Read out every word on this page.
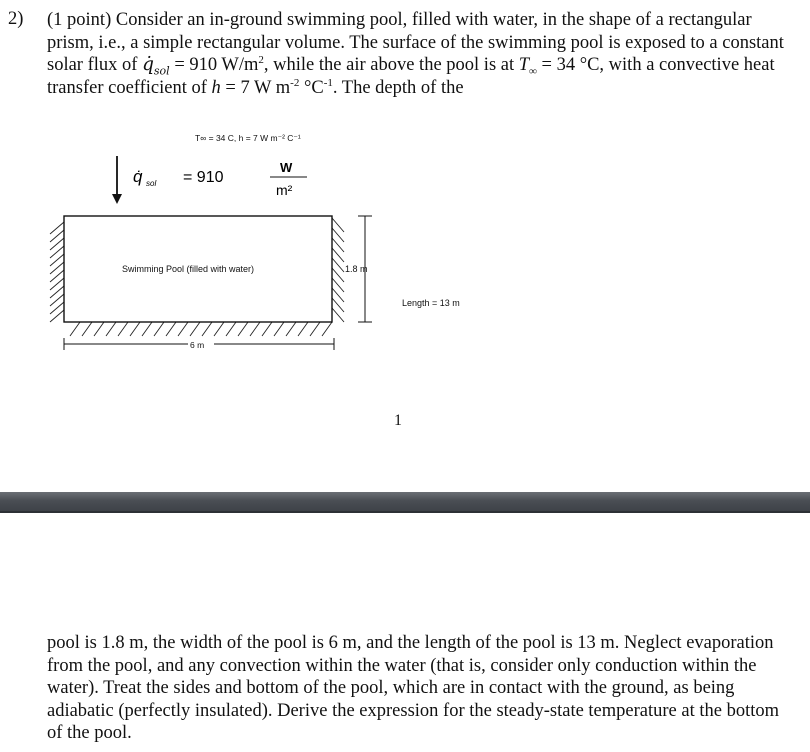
2) (1 point) Consider an in-ground swimming pool, filled with water, in the shape of a rectangular prism, i.e., a simple rectangular volume. The surface of the swimming pool is exposed to a constant solar flux of $q̇_{sol} = 910$ $W/m^2$, while the air above the pool is at $T_\infty = 34$ °C, with a convective heat transfer coefficient of h = 7 W $m^{-2}$ $^\circ C^{-1}$. The depth of the

T∞ = 34 C, h = 7 W m⁻² C⁻¹
q̇ sol = 910
W
m²
Swimming Pool (filled with water)	1.8 m
Length = 13 m
6 m
1

pool is 1.8 m, the width of the pool is 6 m, and the length of the pool is 13 m. Neglect evaporation from the pool, and any convection within the water (that is, consider only conduction within the water). Treat the sides and bottom of the pool, which are in contact with the ground, as being adiabatic (perfectly insulated). Derive the expression for the steady-state temperature at the bottom of the pool.
